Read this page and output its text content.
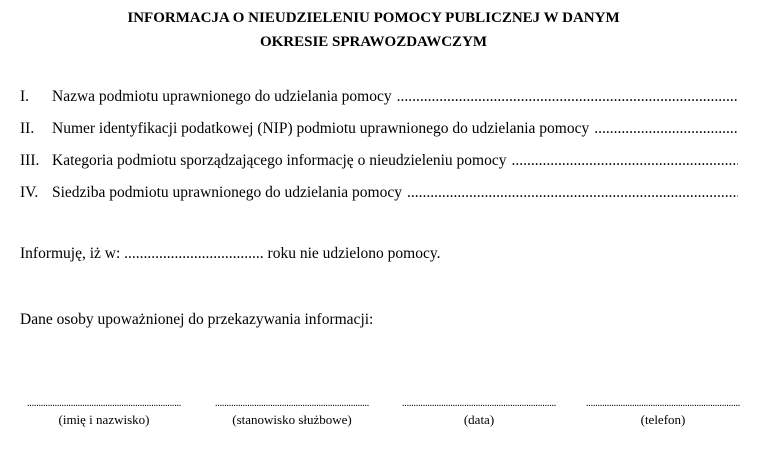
INFORMACJA O NIEUDZIELENIU POMOCY PUBLICZNEJ W DANYM
OKRESIE SPRAWOZDAWCZYM
I.	Nazwa podmiotu uprawnionego do udzielania pomocy
.....
II.	Numer identyfikacji podatkowej (NIP) podmiotu uprawnionego do udzielania pomocy
.....
III. Kategoria podmiotu sporządzającego informację o nieudzieleniu pomocy
.....
IV. Siedziba podmiotu uprawnionego do udzielania pomocy
.....
Informuję, iż w: .................................... roku nie udzielono pomocy.
Dane osoby upoważnionej do przekazywania informacji:
.....
(imię i nazwisko)
.....	(stanowisko służbowe)
.....	(data)
.....	(telefon)
